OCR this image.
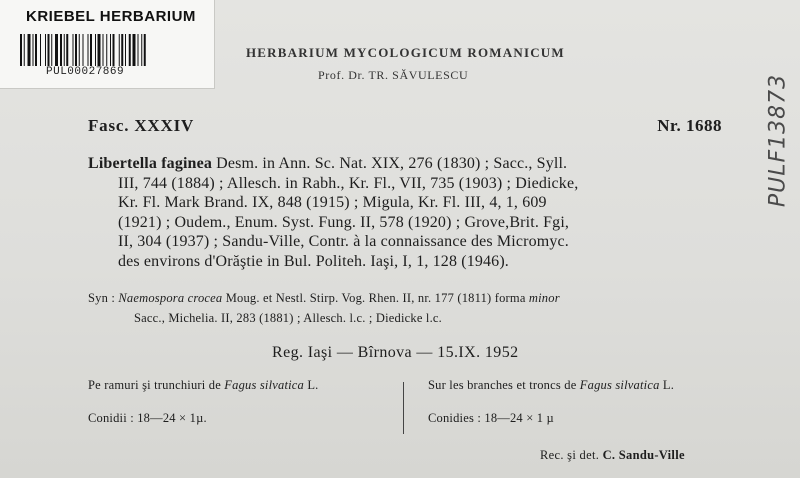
KRIEBEL HERBARIUM
PUL00027869
HERBARIUM MYCOLOGICUM ROMANICUM
Prof. Dr. TR. SĂVULESCU
Fasc. XXXIV	Nr. 1688

Libertella faginea Desm. in Ann. Sc. Nat. XIX, 276 (1830) ; Sacc., Syll.
III, 744 (1884) ; Allesch. in Rabh., Kr. Fl., VII, 735 (1903) ; Diedicke,
Kr. Fl. Mark Brand. IX, 848 (1915) ; Migula, Kr. Fl. III, 4, 1, 609
(1921) ; Oudem., Enum. Syst. Fung. II, 578 (1920) ; Grove,Brit. Fgi,
II, 304 (1937) ; Sandu-Ville, Contr. à la connaissance des Micromyc.
des environs d'Orăştie in Bul. Politeh. Iaşi, I, 1, 128 (1946).

Syn : Naemospora crocea Moug. et Nestl. Stirp. Vog. Rhen. II, nr. 177 (1811) forma minor
Sacc., Michelia. II, 283 (1881) ; Allesch. l.c. ; Diedicke l.c.
Reg. Iaşi — Bîrnova — 15.IX. 1952
Pe ramuri şi trunchiuri de Fagus silvatica L.
Conidii : 18—24 × 1µ.
Sur les branches et troncs de Fagus silvatica L.
Conidies : 18—24 × 1 µ
Rec. şi det. C. Sandu-Ville
PULF13873
